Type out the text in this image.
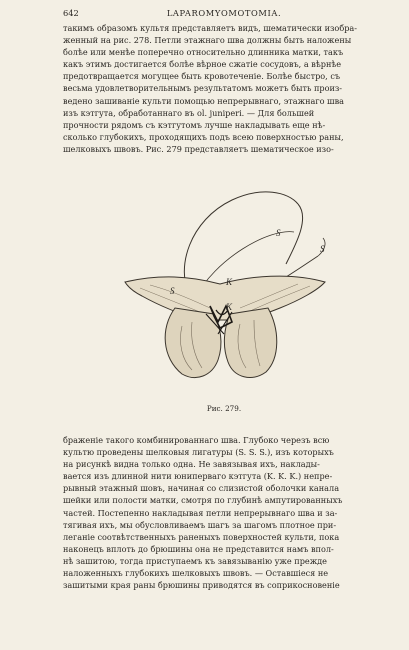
642	LAPAROMYOMOTOMIA.
такимъ образомъ культя представляетъ видъ, шематически изобра-
женный на рис. 278. Петли этажнаго шва должны быть наложены
болѣе или менѣе поперечно относительно длинника матки, такъ
какъ этимъ достигается болѣе вѣрное сжатіе сосудовъ, а вѣрнѣе
предотвращается могущее быть кровотеченіе. Болѣе быстро, съ
весьма удовлетворительнымъ результатомъ можетъ быть произ-
ведено зашиваніе культи помощью непрерывнаго, этажнаго шва
изъ кэтгута, обработаннаго въ ol. juniperi. — Для большей
прочности рядомъ съ кэтгутомъ лучше накладывать еще нѣ-
сколько глубокихъ, проходящихъ подъ всею поверхностью раны,
шелковыхъ швовъ. Рис. 279 представляетъ шематическое изо-
S
S
S
K
K
Рис. 279.
браженіе такого комбинированнаго шва. Глубоко черезъ всю
культю проведены шелковыя лигатуры (S. S. S.), изъ которыхъ
на рисункѣ видна только одна. Не завязывая ихъ, наклады-
вается изъ длинной нити юниперваго кэтгута (K. K. K.) непре-
рывный этажный шовъ, начиная со слизистой оболочки канала
шейки или полости матки, смотря по глубинѣ ампутированныхъ
частей. Постепенно накладывая петли непрерывнаго шва и за-
тягивая ихъ, мы обусловливаемъ шагъ за шагомъ плотное при-
леганіе соотвѣтственныхъ раненыхъ поверхностей культи, пока
наконецъ вплоть до брюшины она не представится намъ впол-
нѣ зашитою, тогда приступаемъ къ завязыванію уже прежде
наложенныхъ глубокихъ шелковыхъ швовъ. — Оставшіеся не
зашитыми края раны брюшины приводятся въ соприкосновеніе
